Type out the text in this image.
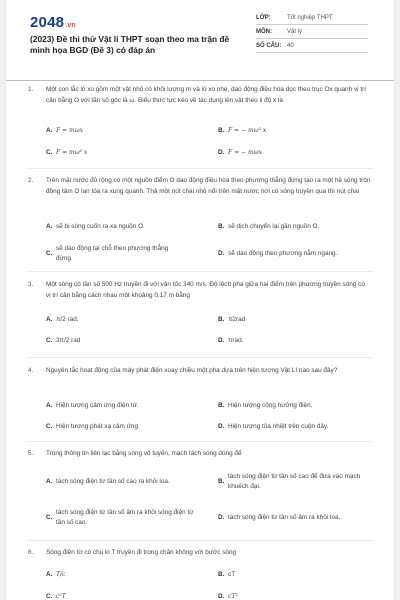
2048.vn
(2023) Đề thi thử Vật lí THPT soạn theo ma trận đề minh họa BGD (Đề 3) có đáp án
LỚP:	Tốt nghiệp THPT
MÔN:	Vật lý
SỐ CÂU: 40
1. Một con lắc lò xo gồm một vật nhỏ có khối lượng m và lò xo nhẹ, dao động điều hòa dọc theo trục Ox quanh vị trí cân bằng O với tần số góc là ω. Biểu thức lực kéo về tác dụng lên vật theo li độ x là
A. F = mωx	B. F = − mω² x
C. F = mω² x	D. F = − mωx
2. Trên mặt nước đủ rộng có một nguồn điểm O dao động điều hòa theo phương thẳng đứng tạo ra một hệ sóng tròn đồng tâm O lan tỏa ra xung quanh. Thả một nút chai nhỏ nổi trên mặt nước nơi có sóng truyền qua thì nút chai
A. sẽ bị sóng cuốn ra xa nguồn O.	B. sẽ dịch chuyển lại gần nguồn O.
C.
sẽ dao động tại chỗ theo phương thẳng đứng.
D. sẽ dao động theo phương nằm ngang.
3. Một sóng có tần số 500 Hz truyền đi với vận tốc 340 m/s. Độ lệch pha giữa hai điểm trên phương truyền sóng có vị trí cân bằng cách nhau một khoảng 0,17 m bằng
A. π/2 rad.	B. π2rad
C. 3π/2 rad	D. πrad.
4. Nguyên tắc hoạt động của máy phát điện xoay chiều một pha dựa trên hiện tượng Vật Lí nào sau đây?
A. Hiện tượng cảm ứng điện từ.	B. Hiện tượng cộng hưởng điện.
C. Hiện tượng phát xạ cảm ứng	D. Hiện tượng tỏa nhiệt trên cuộn dây.
5. Trong thông tin liên lạc bằng sóng vô tuyến, mạch tách sóng dùng để
A. tách sóng điện từ tần số cao ra khỏi loa.	B.
tách sóng điện từ tần số cao để đưa vào mạch khuếch đại.
C.
tách sóng điện từ tần số âm ra khỏi sóng điện từ tần số cao.
D. tách sóng điện từ tần số âm ra khỏi loa.
6. Sóng điện từ có chu kì T truyền đi trong chân không với bước sóng
A. T/c	B. cT
C. c²T	D. cT²
